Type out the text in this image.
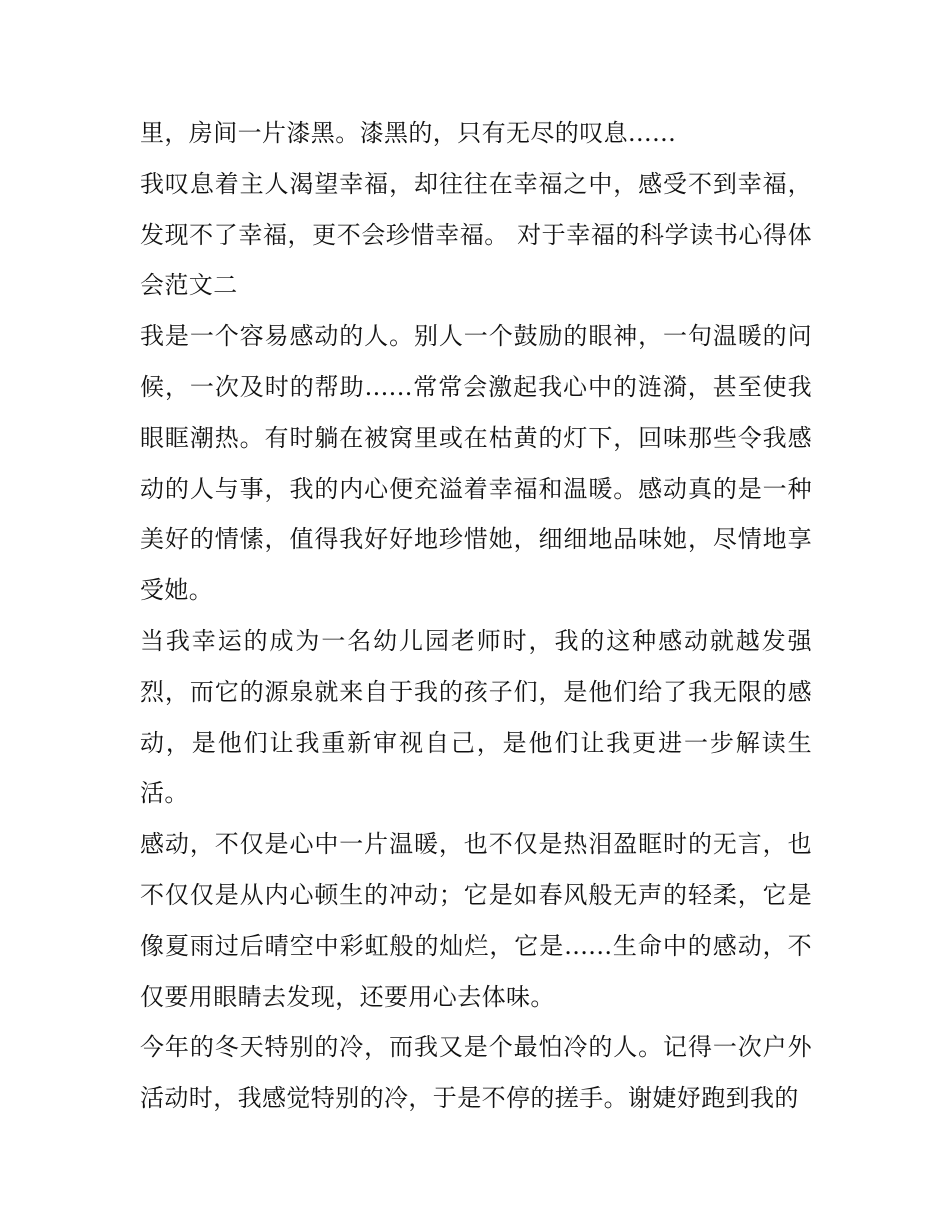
里，房间一片漆黑。漆黑的，只有无尽的叹息......

我叹息着主人渴望幸福，却往往在幸福之中，感受不到幸福，发现不了幸福，更不会珍惜幸福。 对于幸福的科学读书心得体会范文二

我是一个容易感动的人。别人一个鼓励的眼神，一句温暖的问候，一次及时的帮助......常常会激起我心中的涟漪，甚至使我眼眶潮热。有时躺在被窝里或在枯黄的灯下，回味那些令我感动的人与事，我的内心便充溢着幸福和温暖。感动真的是一种美好的情愫，值得我好好地珍惜她，细细地品味她，尽情地享受她。

当我幸运的成为一名幼儿园老师时，我的这种感动就越发强烈，而它的源泉就来自于我的孩子们，是他们给了我无限的感动，是他们让我重新审视自己，是他们让我更进一步解读生活。

感动，不仅是心中一片温暖，也不仅是热泪盈眶时的无言，也不仅仅是从内心顿生的冲动；它是如春风般无声的轻柔，它是像夏雨过后晴空中彩虹般的灿烂，它是......生命中的感动，不仅要用眼睛去发现，还要用心去体味。

今年的冬天特别的冷，而我又是个最怕冷的人。记得一次户外活动时，我感觉特别的冷，于是不停的搓手。谢婕妤跑到我的
